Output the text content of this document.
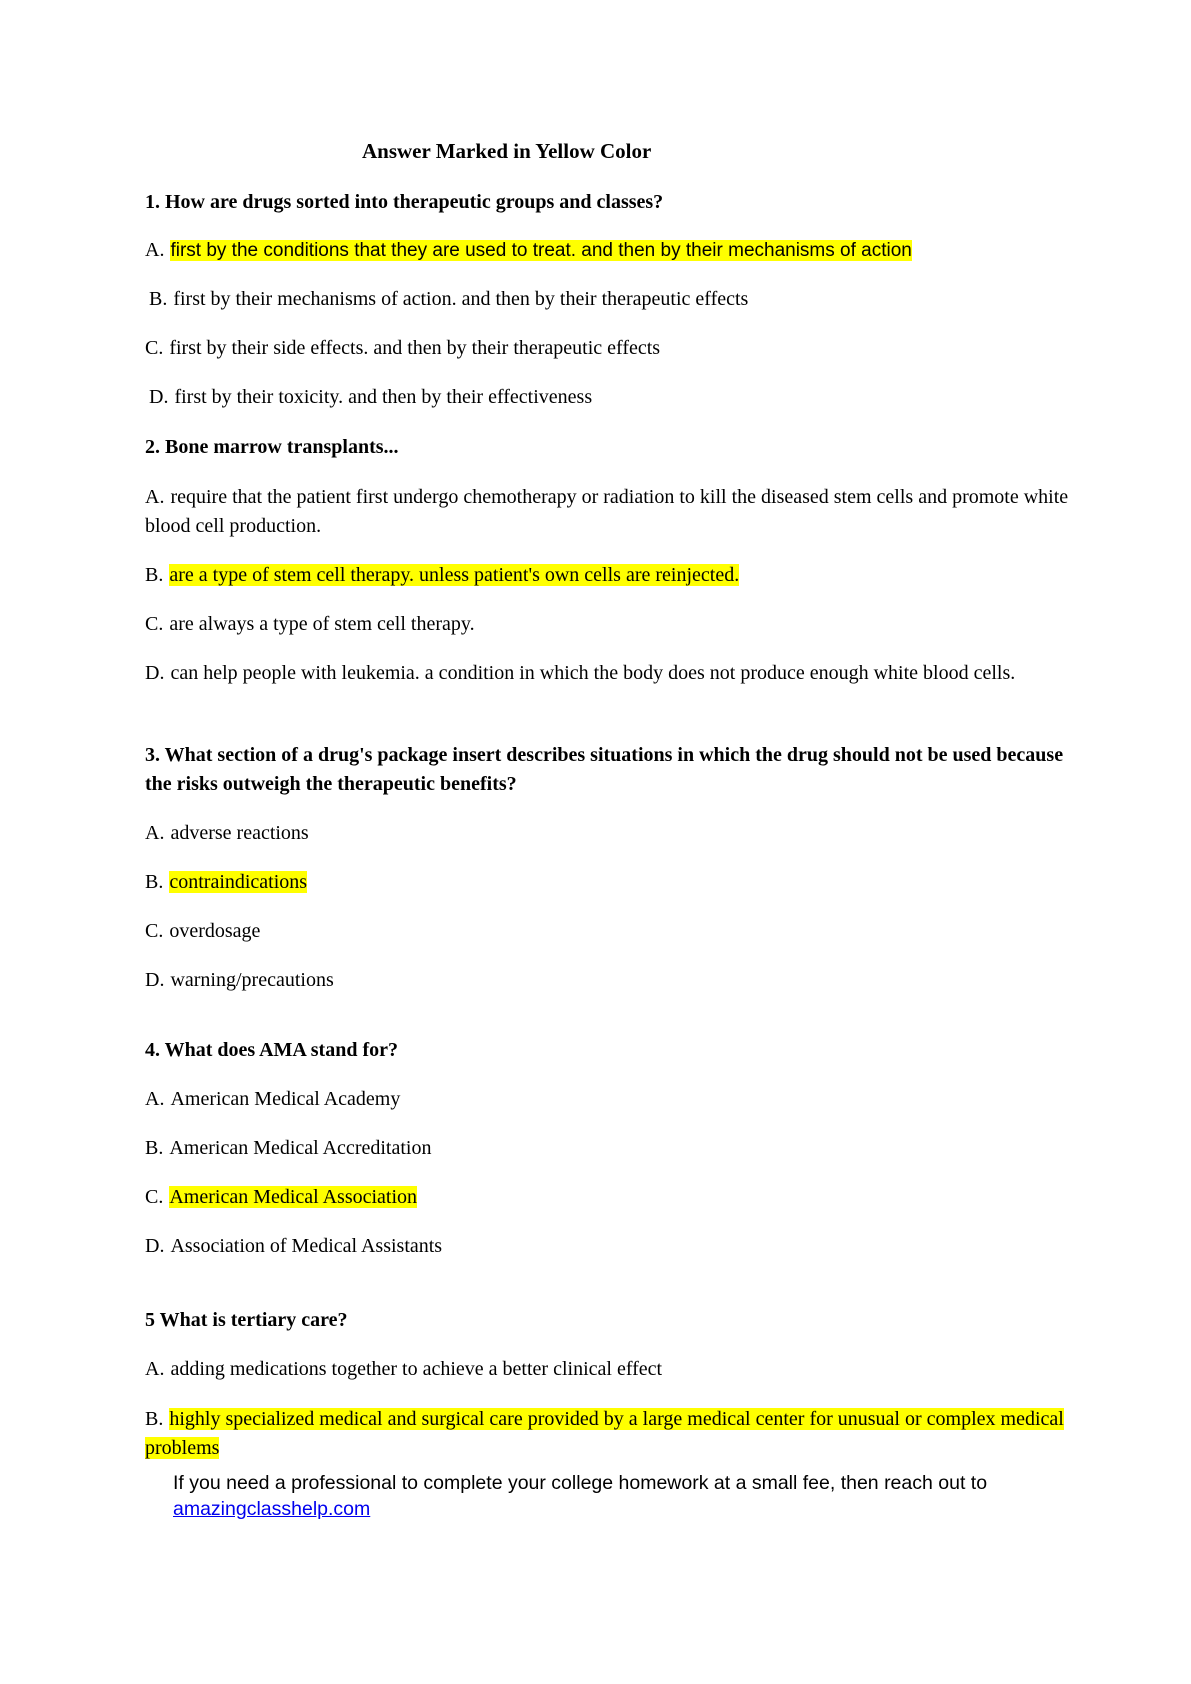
Answer Marked in Yellow Color
1. How are drugs sorted into therapeutic groups and classes?
A. first by the conditions that they are used to treat. and then by their mechanisms of action
B. first by their mechanisms of action. and then by their therapeutic effects
C. first by their side effects. and then by their therapeutic effects
D. first by their toxicity. and then by their effectiveness
2. Bone marrow transplants...
A. require that the patient first undergo chemotherapy or radiation to kill the diseased stem cells and promote white blood cell production.
B. are a type of stem cell therapy. unless patient's own cells are reinjected.
C. are always a type of stem cell therapy.
D. can help people with leukemia. a condition in which the body does not produce enough white blood cells.
3. What section of a drug's package insert describes situations in which the drug should not be used because the risks outweigh the therapeutic benefits?
A. adverse reactions
B. contraindications
C. overdosage
D. warning/precautions
4. What does AMA stand for?
A. American Medical Academy
B. American Medical Accreditation
C. American Medical Association
D. Association of Medical Assistants
5 What is tertiary care?
A. adding medications together to achieve a better clinical effect
B. highly specialized medical and surgical care provided by a large medical center for unusual or complex medical problems
If you need a professional to complete your college homework at a small fee, then reach out to
amazingclasshelp.com
